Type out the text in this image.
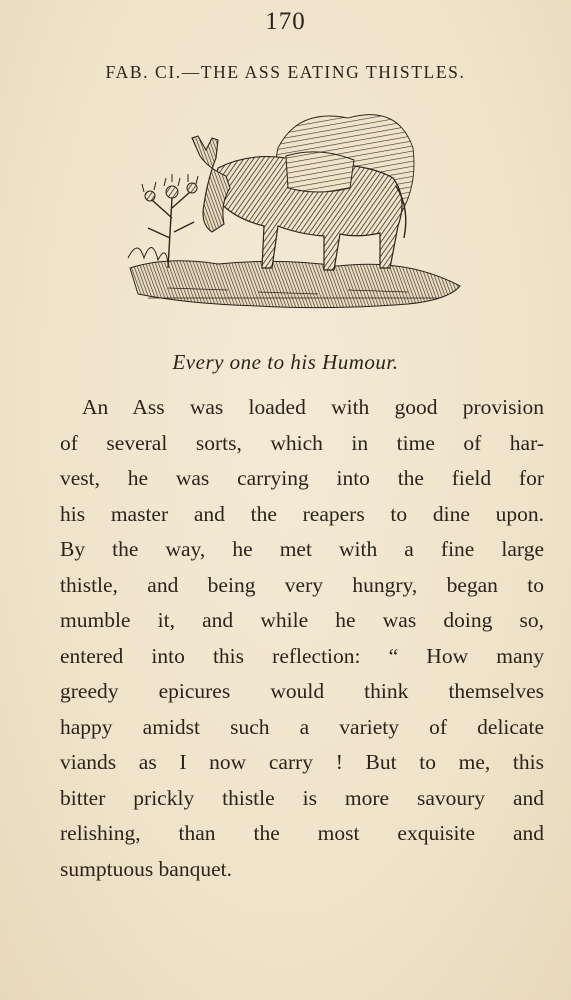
170
FAB. CI.—THE ASS EATING THISTLES.
Every one to his Humour.
An Ass was loaded with good provision
of several sorts, which in time of har-
vest, he was carrying into the field for
his master and the reapers to dine upon.
By the way, he met with a fine large
thistle, and being very hungry, began to
mumble it, and while he was doing so,
entered into this reflection: “ How many
greedy epicures would think themselves
happy amidst such a variety of delicate
viands as I now carry ! But to me, this
bitter prickly thistle is more savoury and
relishing, than the most exquisite and
sumptuous banquet.
